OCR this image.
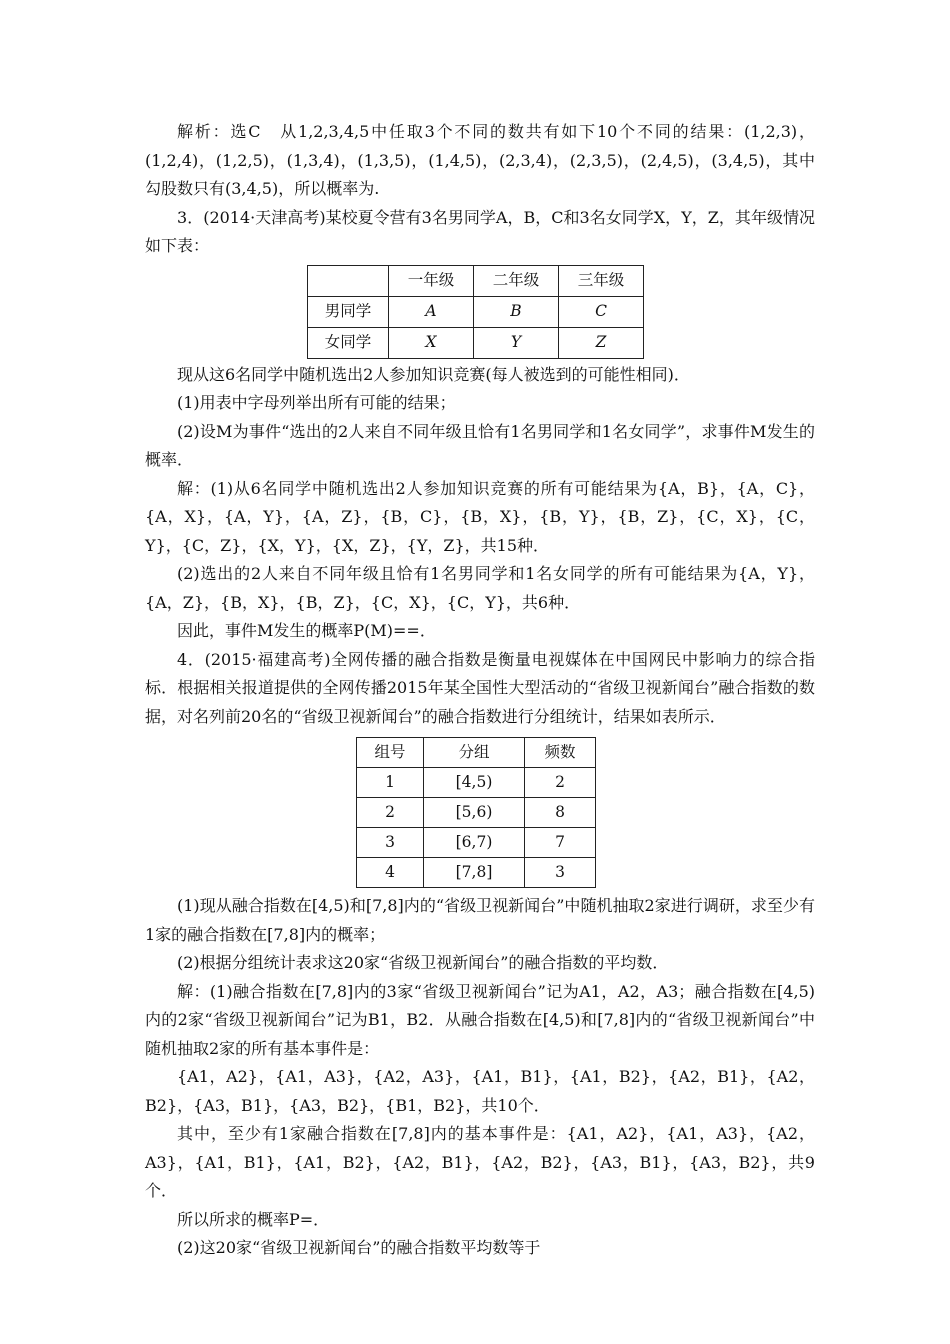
解析：选C　从1,2,3,4,5中任取3个不同的数共有如下10个不同的结果：(1,2,3)，(1,2,4)，(1,2,5)，(1,3,4)，(1,3,5)，(1,4,5)，(2,3,4)，(2,3,5)，(2,4,5)，(3,4,5)，其中勾股数只有(3,4,5)，所以概率为.

3．(2014·天津高考)某校夏令营有3名男同学A，B，C和3名女同学X，Y，Z，其年级情况如下表：

	一年级	二年级	三年级
男同学	A	B	C
女同学	X	Y	Z

现从这6名同学中随机选出2人参加知识竞赛(每人被选到的可能性相同)．

(1)用表中字母列举出所有可能的结果；

(2)设M为事件“选出的2人来自不同年级且恰有1名男同学和1名女同学”，求事件M发生的概率．

解：(1)从6名同学中随机选出2人参加知识竞赛的所有可能结果为{A，B}，{A，C}，{A，X}，{A，Y}，{A，Z}，{B，C}，{B，X}，{B，Y}，{B，Z}，{C，X}，{C，Y}，{C，Z}，{X，Y}，{X，Z}，{Y，Z}，共15种．

(2)选出的2人来自不同年级且恰有1名男同学和1名女同学的所有可能结果为{A，Y}，{A，Z}，{B，X}，{B，Z}，{C，X}，{C，Y}，共6种．

因此，事件M发生的概率P(M)==．

4．(2015·福建高考)全网传播的融合指数是衡量电视媒体在中国网民中影响力的综合指标．根据相关报道提供的全网传播2015年某全国性大型活动的“省级卫视新闻台”融合指数的数据，对名列前20名的“省级卫视新闻台”的融合指数进行分组统计，结果如表所示．

组号	分组	频数
1	[4,5)	2
2	[5,6)	8
3	[6,7)	7
4	[7,8]	3

(1)现从融合指数在[4,5)和[7,8]内的“省级卫视新闻台”中随机抽取2家进行调研，求至少有1家的融合指数在[7,8]内的概率；

(2)根据分组统计表求这20家“省级卫视新闻台”的融合指数的平均数．

解：(1)融合指数在[7,8]内的3家“省级卫视新闻台”记为A1，A2，A3；融合指数在[4,5)内的2家“省级卫视新闻台”记为B1，B2．从融合指数在[4,5)和[7,8]内的“省级卫视新闻台”中随机抽取2家的所有基本事件是：

{A1，A2}，{A1，A3}，{A2，A3}，{A1，B1}，{A1，B2}，{A2，B1}，{A2，B2}，{A3，B1}，{A3，B2}，{B1，B2}，共10个．

其中，至少有1家融合指数在[7,8]内的基本事件是：{A1，A2}，{A1，A3}，{A2，A3}，{A1，B1}，{A1，B2}，{A2，B1}，{A2，B2}，{A3，B1}，{A3，B2}，共9个．

所以所求的概率P=．

(2)这20家“省级卫视新闻台”的融合指数平均数等于
